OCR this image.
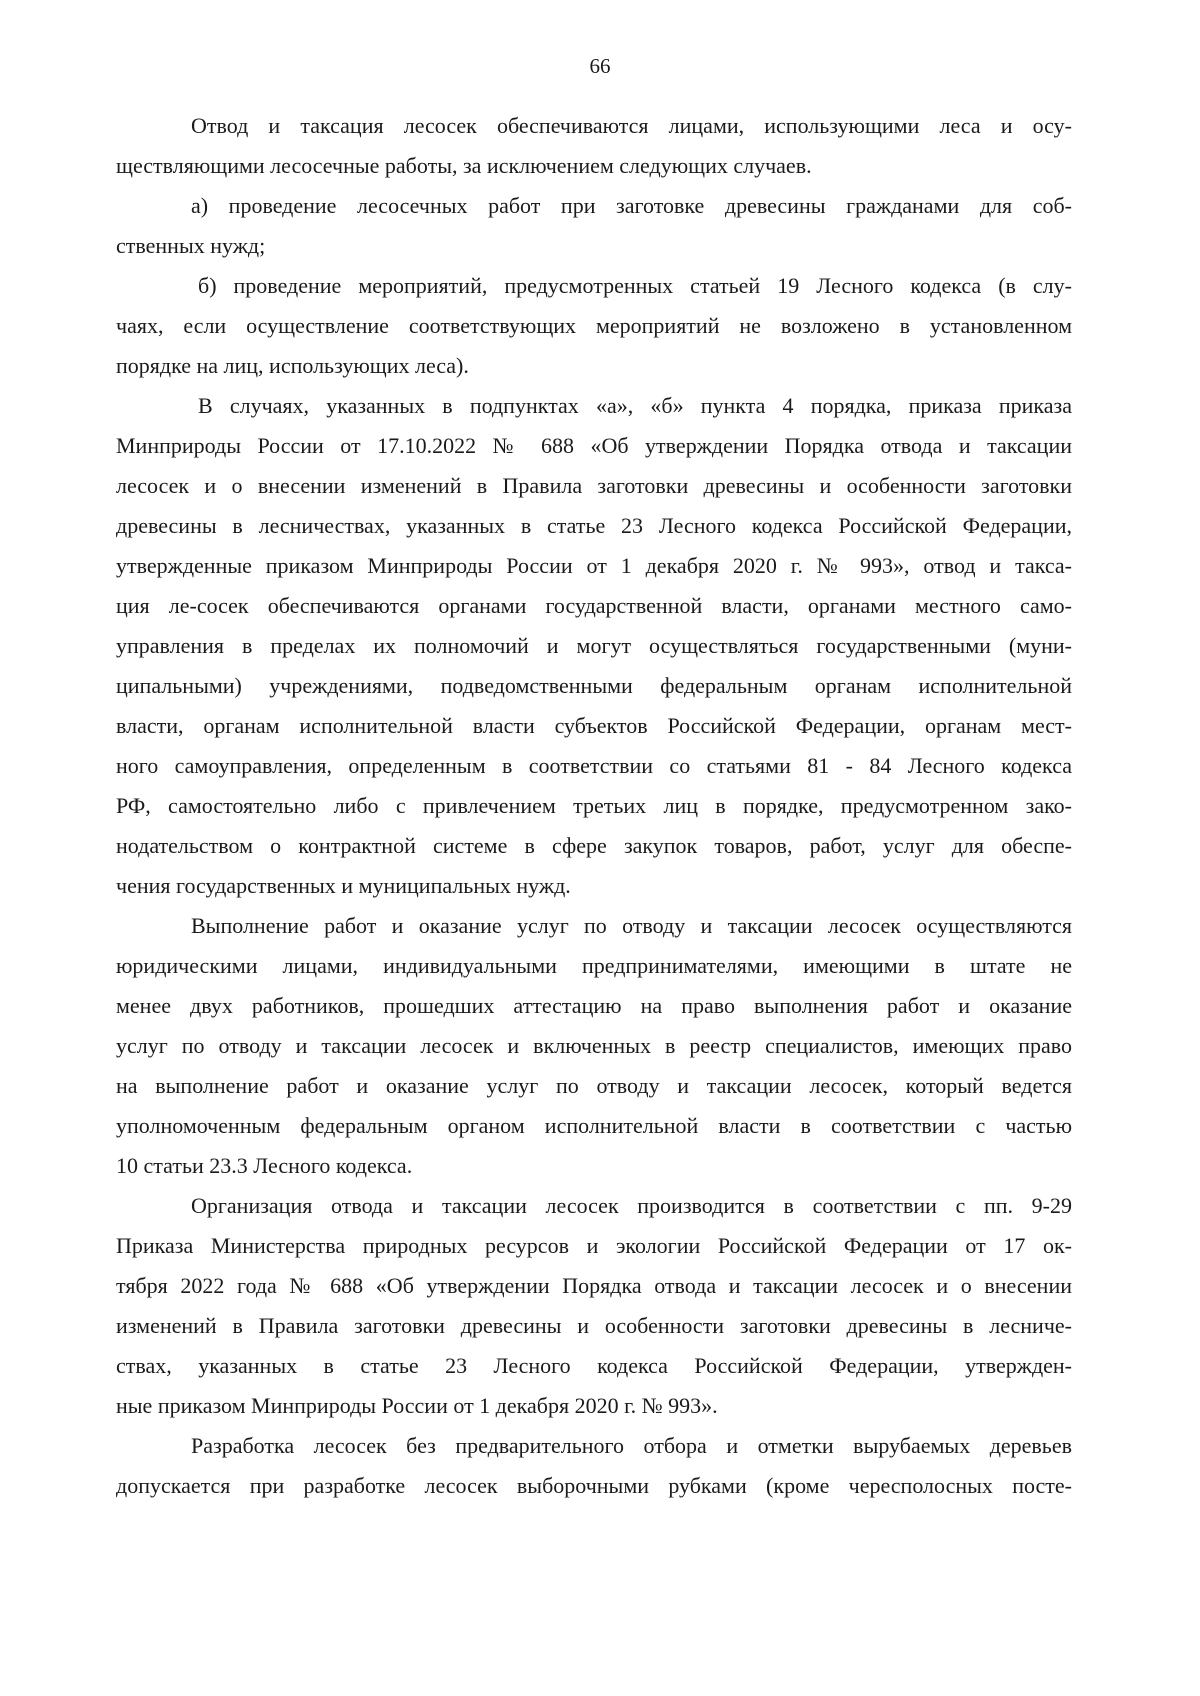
66
Отвод и таксация лесосек обеспечиваются лицами, использующими леса и осу-
ществляющими лесосечные работы, за исключением следующих случаев.
а) проведение лесосечных работ при заготовке древесины гражданами для соб-
ственных нужд;
б) проведение мероприятий, предусмотренных статьей 19 Лесного кодекса (в слу-
чаях, если осуществление соответствующих мероприятий не возложено в установленном
порядке на лиц, использующих леса).
В случаях, указанных в подпунктах «а», «б» пункта 4 порядка, приказа приказа
Минприроды России от 17.10.2022 № 688 «Об утверждении Порядка отвода и таксации
лесосек и о внесении изменений в Правила заготовки древесины и особенности заготовки
древесины в лесничествах, указанных в статье 23 Лесного кодекса Российской Федерации,
утвержденные приказом Минприроды России от 1 декабря 2020 г. № 993», отвод и такса-
ция ле-сосек обеспечиваются органами государственной власти, органами местного само-
управления в пределах их полномочий и могут осуществляться государственными (муни-
ципальными) учреждениями, подведомственными федеральным органам исполнительной
власти, органам исполнительной власти субъектов Российской Федерации, органам мест-
ного самоуправления, определенным в соответствии со статьями 81 - 84 Лесного кодекса
РФ, самостоятельно либо с привлечением третьих лиц в порядке, предусмотренном зако-
нодательством о контрактной системе в сфере закупок товаров, работ, услуг для обеспе-
чения государственных и муниципальных нужд.
Выполнение работ и оказание услуг по отводу и таксации лесосек осуществляются
юридическими лицами, индивидуальными предпринимателями, имеющими в штате не
менее двух работников, прошедших аттестацию на право выполнения работ и оказание
услуг по отводу и таксации лесосек и включенных в реестр специалистов, имеющих право
на выполнение работ и оказание услуг по отводу и таксации лесосек, который ведется
уполномоченным федеральным органом исполнительной власти в соответствии с частью
10 статьи 23.3 Лесного кодекса.
Организация отвода и таксации лесосек производится в соответствии с пп. 9-29
Приказа Министерства природных ресурсов и экологии Российской Федерации от 17 ок-
тября 2022 года № 688 «Об утверждении Порядка отвода и таксации лесосек и о внесении
изменений в Правила заготовки древесины и особенности заготовки древесины в лесниче-
ствах, указанных в статье 23 Лесного кодекса Российской Федерации, утвержден-
ные приказом Минприроды России от 1 декабря 2020 г. № 993».
Разработка лесосек без предварительного отбора и отметки вырубаемых деревьев
допускается при разработке лесосек выборочными рубками (кроме чересполосных посте-
